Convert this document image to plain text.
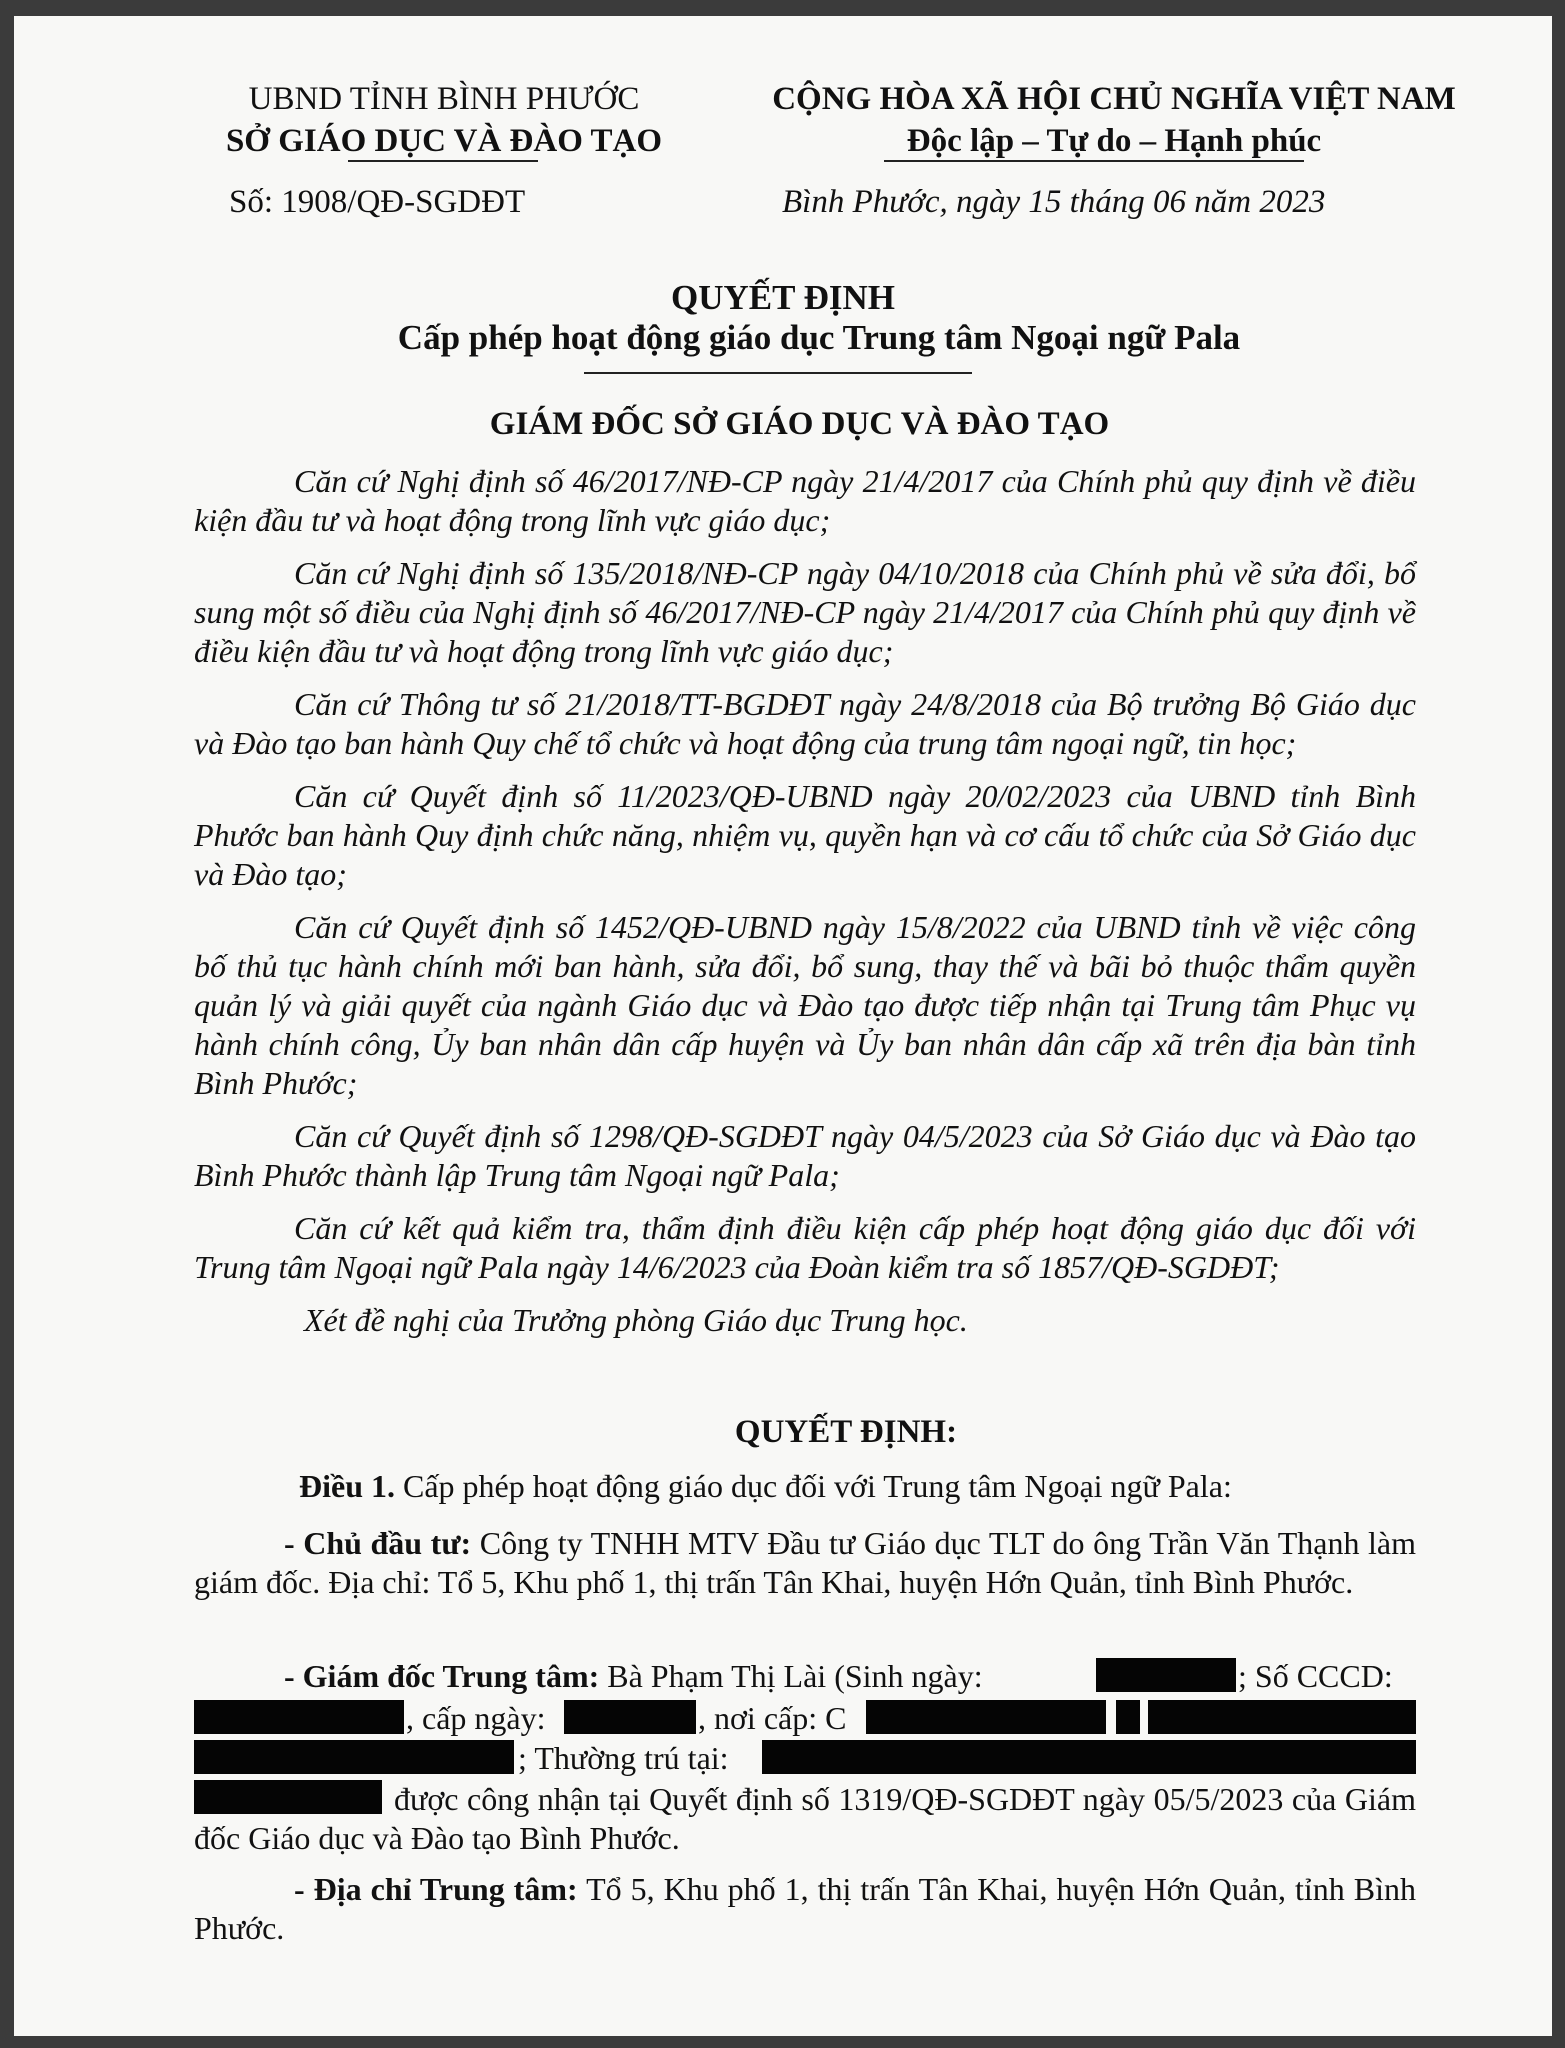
UBND TỈNH BÌNH PHƯỚC
SỞ GIÁO DỤC VÀ ĐÀO TẠO
CỘNG HÒA XÃ HỘI CHỦ NGHĨA VIỆT NAM
Độc lập – Tự do – Hạnh phúc
Số: 1908/QĐ-SGDĐT	Bình Phước, ngày 15 tháng 06 năm 2023
QUYẾT ĐỊNH
Cấp phép hoạt động giáo dục Trung tâm Ngoại ngữ Pala
GIÁM ĐỐC SỞ GIÁO DỤC VÀ ĐÀO TẠO

Căn cứ Nghị định số 46/2017/NĐ-CP ngày 21/4/2017 của Chính phủ quy định về điều kiện đầu tư và hoạt động trong lĩnh vực giáo dục;

Căn cứ Nghị định số 135/2018/NĐ-CP ngày 04/10/2018 của Chính phủ về sửa đổi, bổ sung một số điều của Nghị định số 46/2017/NĐ-CP ngày 21/4/2017 của Chính phủ quy định về điều kiện đầu tư và hoạt động trong lĩnh vực giáo dục;

Căn cứ Thông tư số 21/2018/TT-BGDĐT ngày 24/8/2018 của Bộ trưởng Bộ Giáo dục và Đào tạo ban hành Quy chế tổ chức và hoạt động của trung tâm ngoại ngữ, tin học;

Căn cứ Quyết định số 11/2023/QĐ-UBND ngày 20/02/2023 của UBND tỉnh Bình Phước ban hành Quy định chức năng, nhiệm vụ, quyền hạn và cơ cấu tổ chức của Sở Giáo dục và Đào tạo;

Căn cứ Quyết định số 1452/QĐ-UBND ngày 15/8/2022 của UBND tỉnh về việc công bố thủ tục hành chính mới ban hành, sửa đổi, bổ sung, thay thế và bãi bỏ thuộc thẩm quyền quản lý và giải quyết của ngành Giáo dục và Đào tạo được tiếp nhận tại Trung tâm Phục vụ hành chính công, Ủy ban nhân dân cấp huyện và Ủy ban nhân dân cấp xã trên địa bàn tỉnh Bình Phước;

Căn cứ Quyết định số 1298/QĐ-SGDĐT ngày 04/5/2023 của Sở Giáo dục và Đào tạo Bình Phước thành lập Trung tâm Ngoại ngữ Pala;

Căn cứ kết quả kiểm tra, thẩm định điều kiện cấp phép hoạt động giáo dục đối với Trung tâm Ngoại ngữ Pala ngày 14/6/2023 của Đoàn kiểm tra số 1857/QĐ-SGDĐT;

Xét đề nghị của Trưởng phòng Giáo dục Trung học.

QUYẾT ĐỊNH:
Điều 1. Cấp phép hoạt động giáo dục đối với Trung tâm Ngoại ngữ Pala:
- Chủ đầu tư: Công ty TNHH MTV Đầu tư Giáo dục TLT do ông Trần Văn Thạnh làm giám đốc. Địa chỉ: Tổ 5, Khu phố 1, thị trấn Tân Khai, huyện Hớn Quản, tỉnh Bình Phước.
- Giám đốc Trung tâm: Bà Phạm Thị Lài (Sinh ngày:	; Số CCCD:
, cấp ngày:	, nơi cấp: C
; Thường trú tại:
được công nhận tại Quyết định số 1319/QĐ-SGDĐT ngày 05/5/2023 của Giám đốc Giáo dục và Đào tạo Bình Phước.
- Địa chỉ Trung tâm: Tổ 5, Khu phố 1, thị trấn Tân Khai, huyện Hớn Quản, tỉnh Bình Phước.
